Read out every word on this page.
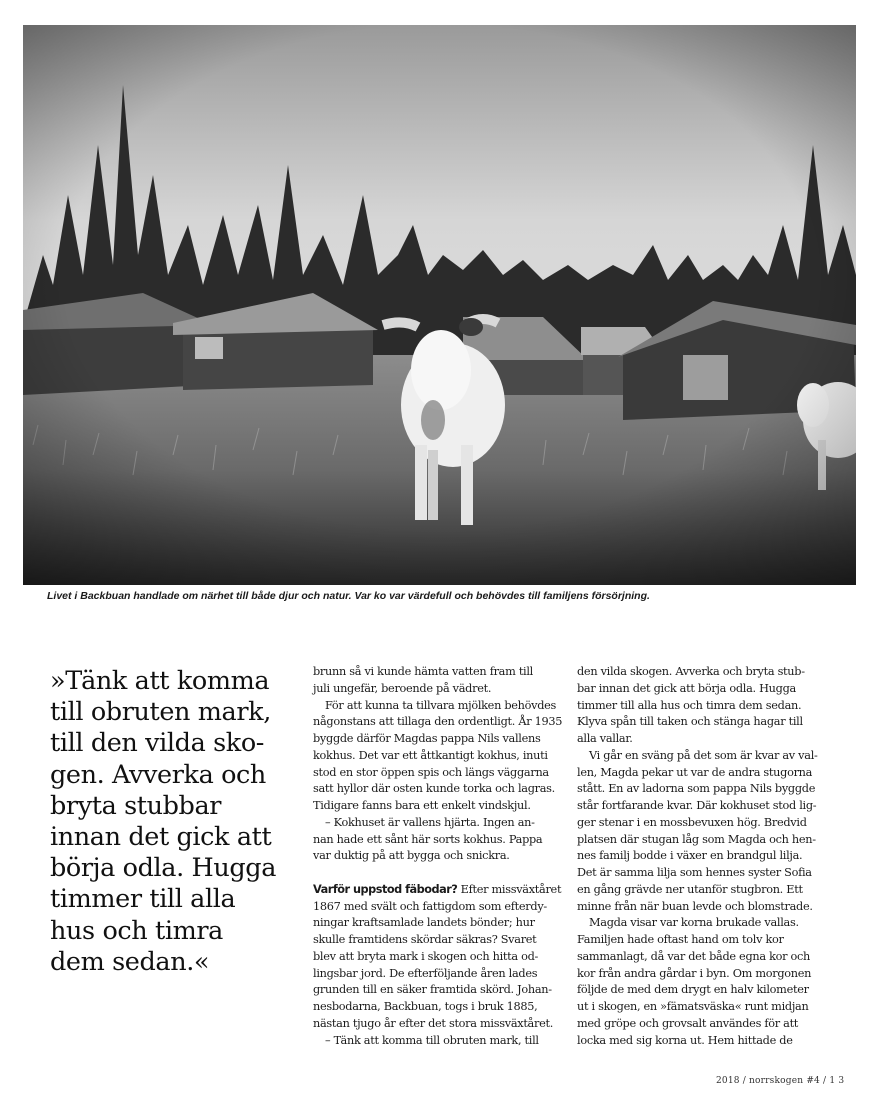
Livet i Backbuan handlade om närhet till både djur och natur. Var ko var värdefull och behövdes till familjens försörjning.

»Tänk att komma
till obruten mark,
till den vilda sko-
gen. Avverka och
bryta stubbar
innan det gick att
börja odla. Hugga
timmer till alla
hus och timra
dem sedan.«

brunn så vi kunde hämta vatten fram till
juli ungefär, beroende på vädret.
För att kunna ta tillvara mjölken behövdes
någonstans att tillaga den ordentligt. År 1935
byggde därför Magdas pappa Nils vallens
kokhus. Det var ett åttkantigt kokhus, inuti
stod en stor öppen spis och längs väggarna
satt hyllor där osten kunde torka och lagras.
Tidigare fanns bara ett enkelt vindskjul.
– Kokhuset är vallens hjärta. Ingen an-
nan hade ett sånt här sorts kokhus. Pappa
var duktig på att bygga och snickra.
Varför uppstod fäbodar? Efter missväxtåret
1867 med svält och fattigdom som efterdy-
ningar kraftsamlade landets bönder; hur
skulle framtidens skördar säkras? Svaret
blev att bryta mark i skogen och hitta od-
lingsbar jord. De efterföljande åren lades
grunden till en säker framtida skörd. Johan-
nesbodarna, Backbuan, togs i bruk 1885,
nästan tjugo år efter det stora missväxtåret.
– Tänk att komma till obruten mark, till
den vilda skogen. Avverka och bryta stub-
bar innan det gick att börja odla. Hugga
timmer till alla hus och timra dem sedan.
Klyva spån till taken och stänga hagar till
alla vallar.
Vi går en sväng på det som är kvar av val-
len, Magda pekar ut var de andra stugorna
stått. En av ladorna som pappa Nils byggde
står fortfarande kvar. Där kokhuset stod lig-
ger stenar i en mossbevuxen hög. Bredvid
platsen där stugan låg som Magda och hen-
nes familj bodde i växer en brandgul lilja.
Det är samma lilja som hennes syster Sofia
en gång grävde ner utanför stugbron. Ett
minne från när buan levde och blomstrade.
Magda visar var korna brukade vallas.
Familjen hade oftast hand om tolv kor
sammanlagt, då var det både egna kor och
kor från andra gårdar i byn. Om morgonen
följde de med dem drygt en halv kilometer
ut i skogen, en »fämatsväska« runt midjan
med gröpe och grovsalt användes för att
locka med sig korna ut. Hem hittade de
2018 / norrskogen #4 / 1 3
